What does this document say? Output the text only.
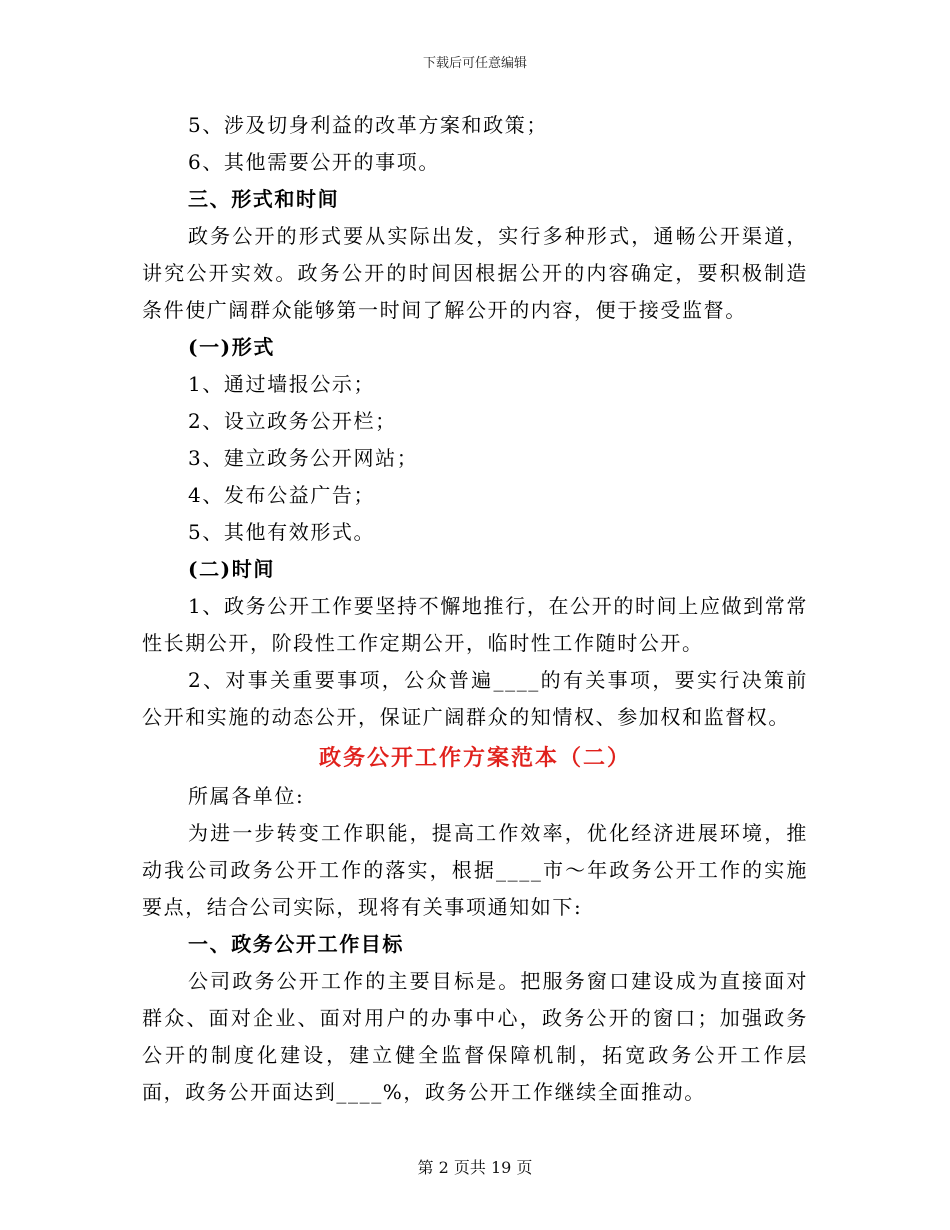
下载后可任意编辑

5、涉及切身利益的改革方案和政策；

6、其他需要公开的事项。

三、形式和时间

政务公开的形式要从实际出发，实行多种形式，通畅公开渠道，讲究公开实效。政务公开的时间因根据公开的内容确定，要积极制造条件使广阔群众能够第一时间了解公开的内容，便于接受监督。

(一)形式

1、通过墙报公示；

2、设立政务公开栏；

3、建立政务公开网站；

4、发布公益广告；

5、其他有效形式。

(二)时间

1、政务公开工作要坚持不懈地推行，在公开的时间上应做到常常性长期公开，阶段性工作定期公开，临时性工作随时公开。

2、对事关重要事项，公众普遍____的有关事项，要实行决策前公开和实施的动态公开，保证广阔群众的知情权、参加权和监督权。

政务公开工作方案范本（二）

所属各单位:

为进一步转变工作职能，提高工作效率，优化经济进展环境，推动我公司政务公开工作的落实，根据____市～年政务公开工作的实施要点，结合公司实际，现将有关事项通知如下:

一、政务公开工作目标

公司政务公开工作的主要目标是。把服务窗口建设成为直接面对群众、面对企业、面对用户的办事中心，政务公开的窗口；加强政务公开的制度化建设，建立健全监督保障机制，拓宽政务公开工作层面，政务公开面达到____%，政务公开工作继续全面推动。

第 2 页共 19 页
